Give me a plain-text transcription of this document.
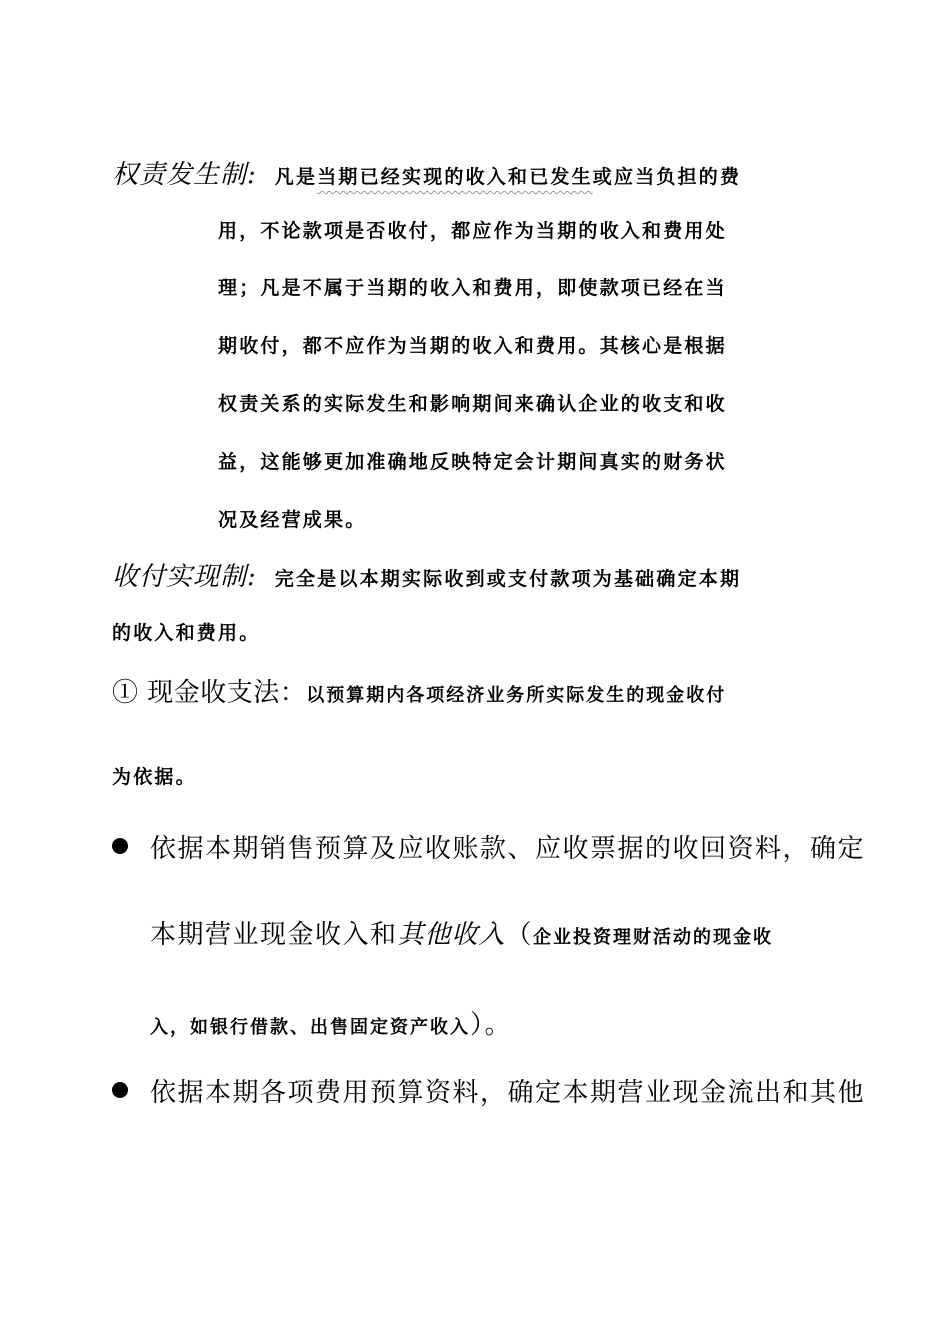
权责发生制: 凡是当期已经实现的收入和已发生或应当负担的费
用，不论款项是否收付，都应作为当期的收入和费用处
理；凡是不属于当期的收入和费用，即使款项已经在当
期收付，都不应作为当期的收入和费用。其核心是根据
权责关系的实际发生和影响期间来确认企业的收支和收
益，这能够更加准确地反映特定会计期间真实的财务状
况及经营成果。
收付实现制: 完全是以本期实际收到或支付款项为基础确定本期
的收入和费用。
① 现金收支法：以预算期内各项经济业务所实际发生的现金收付
为依据。
依据本期销售预算及应收账款、应收票据的收回资料，确定
本期营业现金收入和其他收入（企业投资理财活动的现金收
入，如银行借款、出售固定资产收入）。
依据本期各项费用预算资料，确定本期营业现金流出和其他
